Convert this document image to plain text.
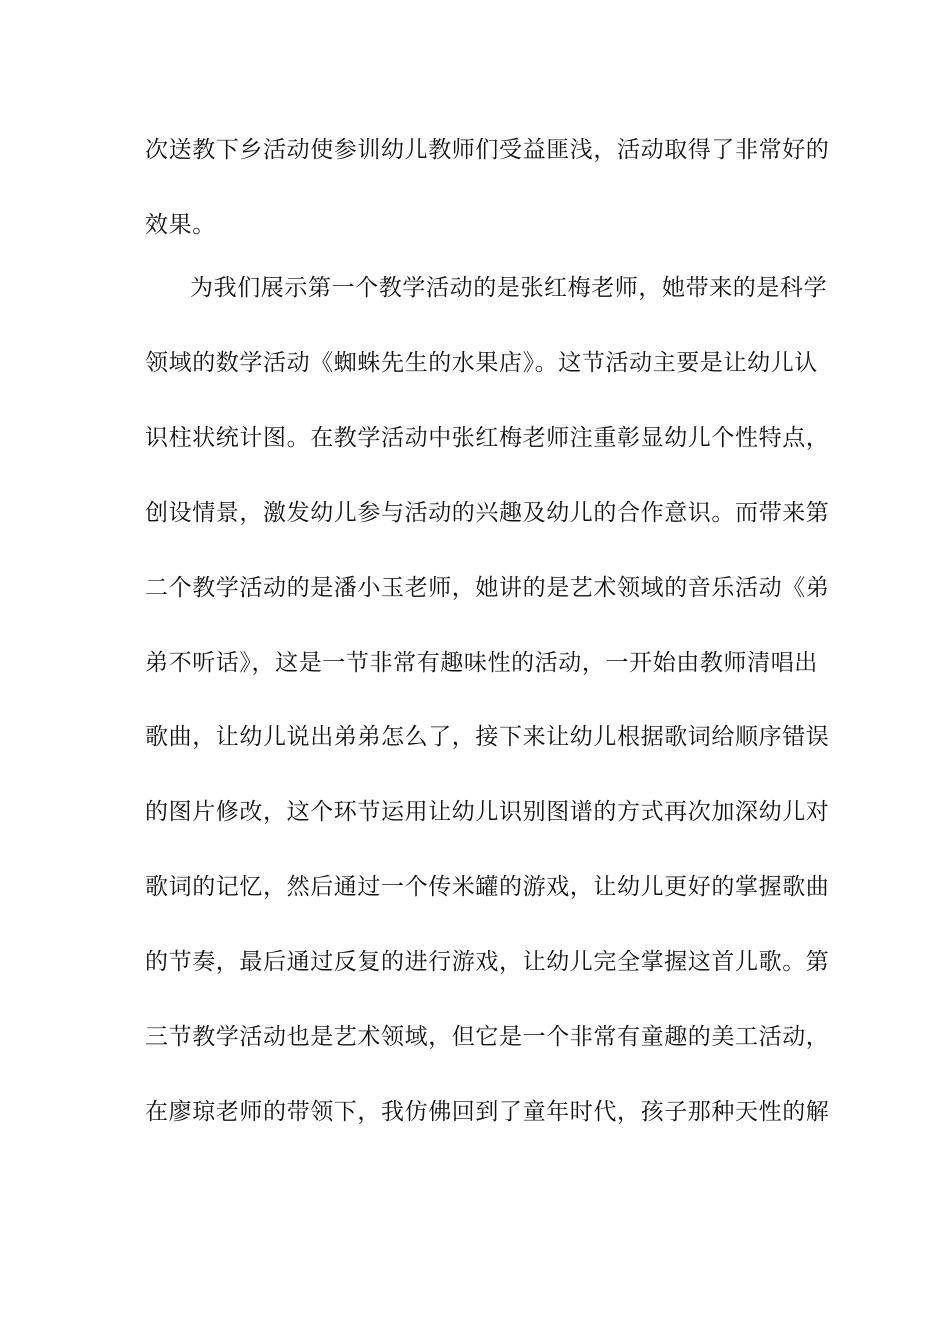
次送教下乡活动使参训幼儿教师们受益匪浅，活动取得了非常好的
效果。
为我们展示第一个教学活动的是张红梅老师，她带来的是科学
领域的数学活动《蜘蛛先生的水果店》。这节活动主要是让幼儿认
识柱状统计图。在教学活动中张红梅老师注重彰显幼儿个性特点，
创设情景，激发幼儿参与活动的兴趣及幼儿的合作意识。而带来第
二个教学活动的是潘小玉老师，她讲的是艺术领域的音乐活动《弟
弟不听话》，这是一节非常有趣味性的活动，一开始由教师清唱出
歌曲，让幼儿说出弟弟怎么了，接下来让幼儿根据歌词给顺序错误
的图片修改，这个环节运用让幼儿识别图谱的方式再次加深幼儿对
歌词的记忆，然后通过一个传米罐的游戏，让幼儿更好的掌握歌曲
的节奏，最后通过反复的进行游戏，让幼儿完全掌握这首儿歌。第
三节教学活动也是艺术领域，但它是一个非常有童趣的美工活动，
在廖琼老师的带领下，我仿佛回到了童年时代，孩子那种天性的解
